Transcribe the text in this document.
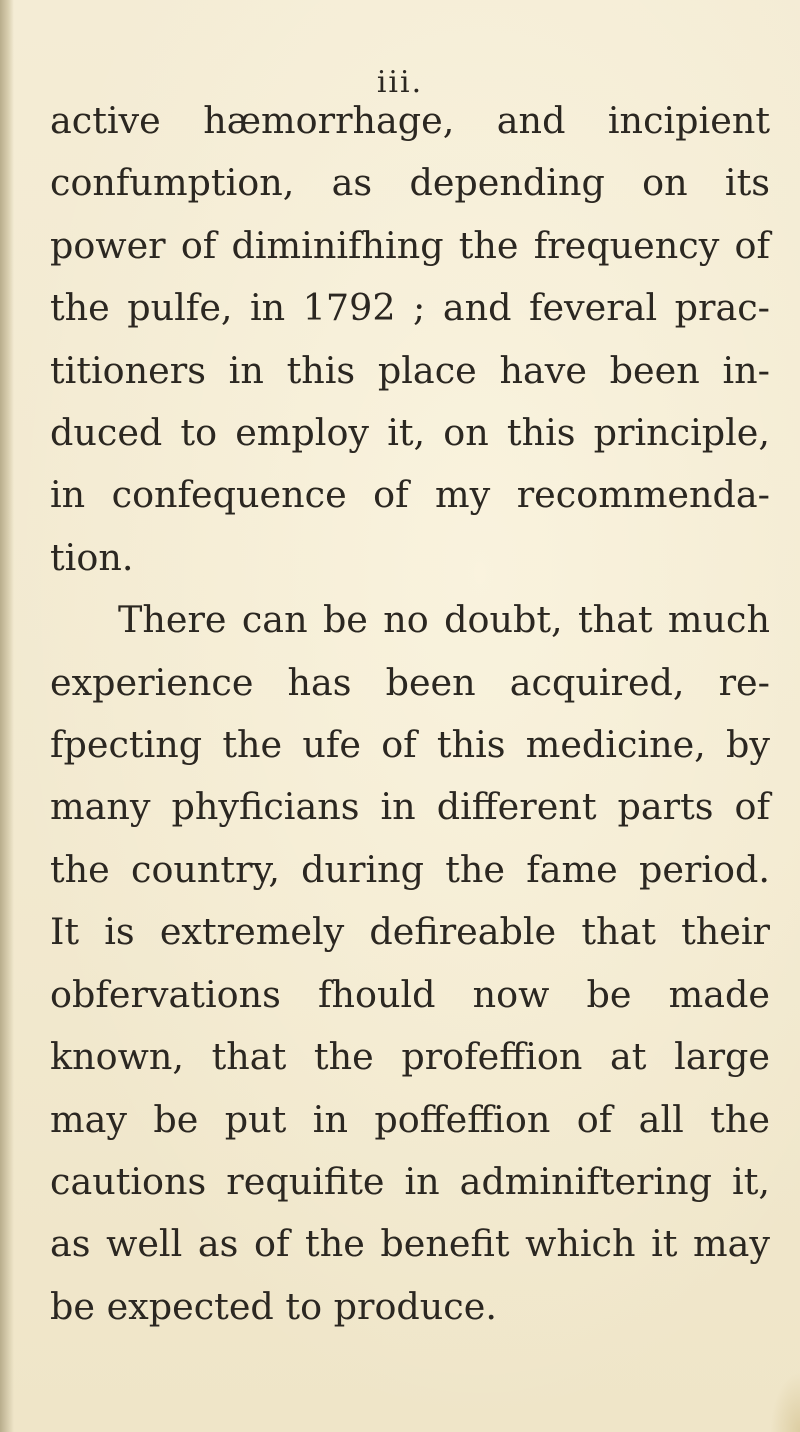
iii.
active hæmorrhage, and incipient
confumption, as depending on its
power of diminifhing the frequency of
the pulfe, in 1792 ; and feveral prac-
titioners in this place have been in-
duced to employ it, on this principle,
in confequence of my recommenda-
tion.
There can be no doubt, that much
experience has been acquired, re-
fpecting the ufe of this medicine, by
many phyficians in different parts of
the country, during the fame period.
It is extremely defireable that their
obfervations fhould now be made
known, that the profeffion at large
may be put in poffeffion of all the
cautions requifite in adminiftering it,
as well as of the benefit which it may
be expected to produce.
